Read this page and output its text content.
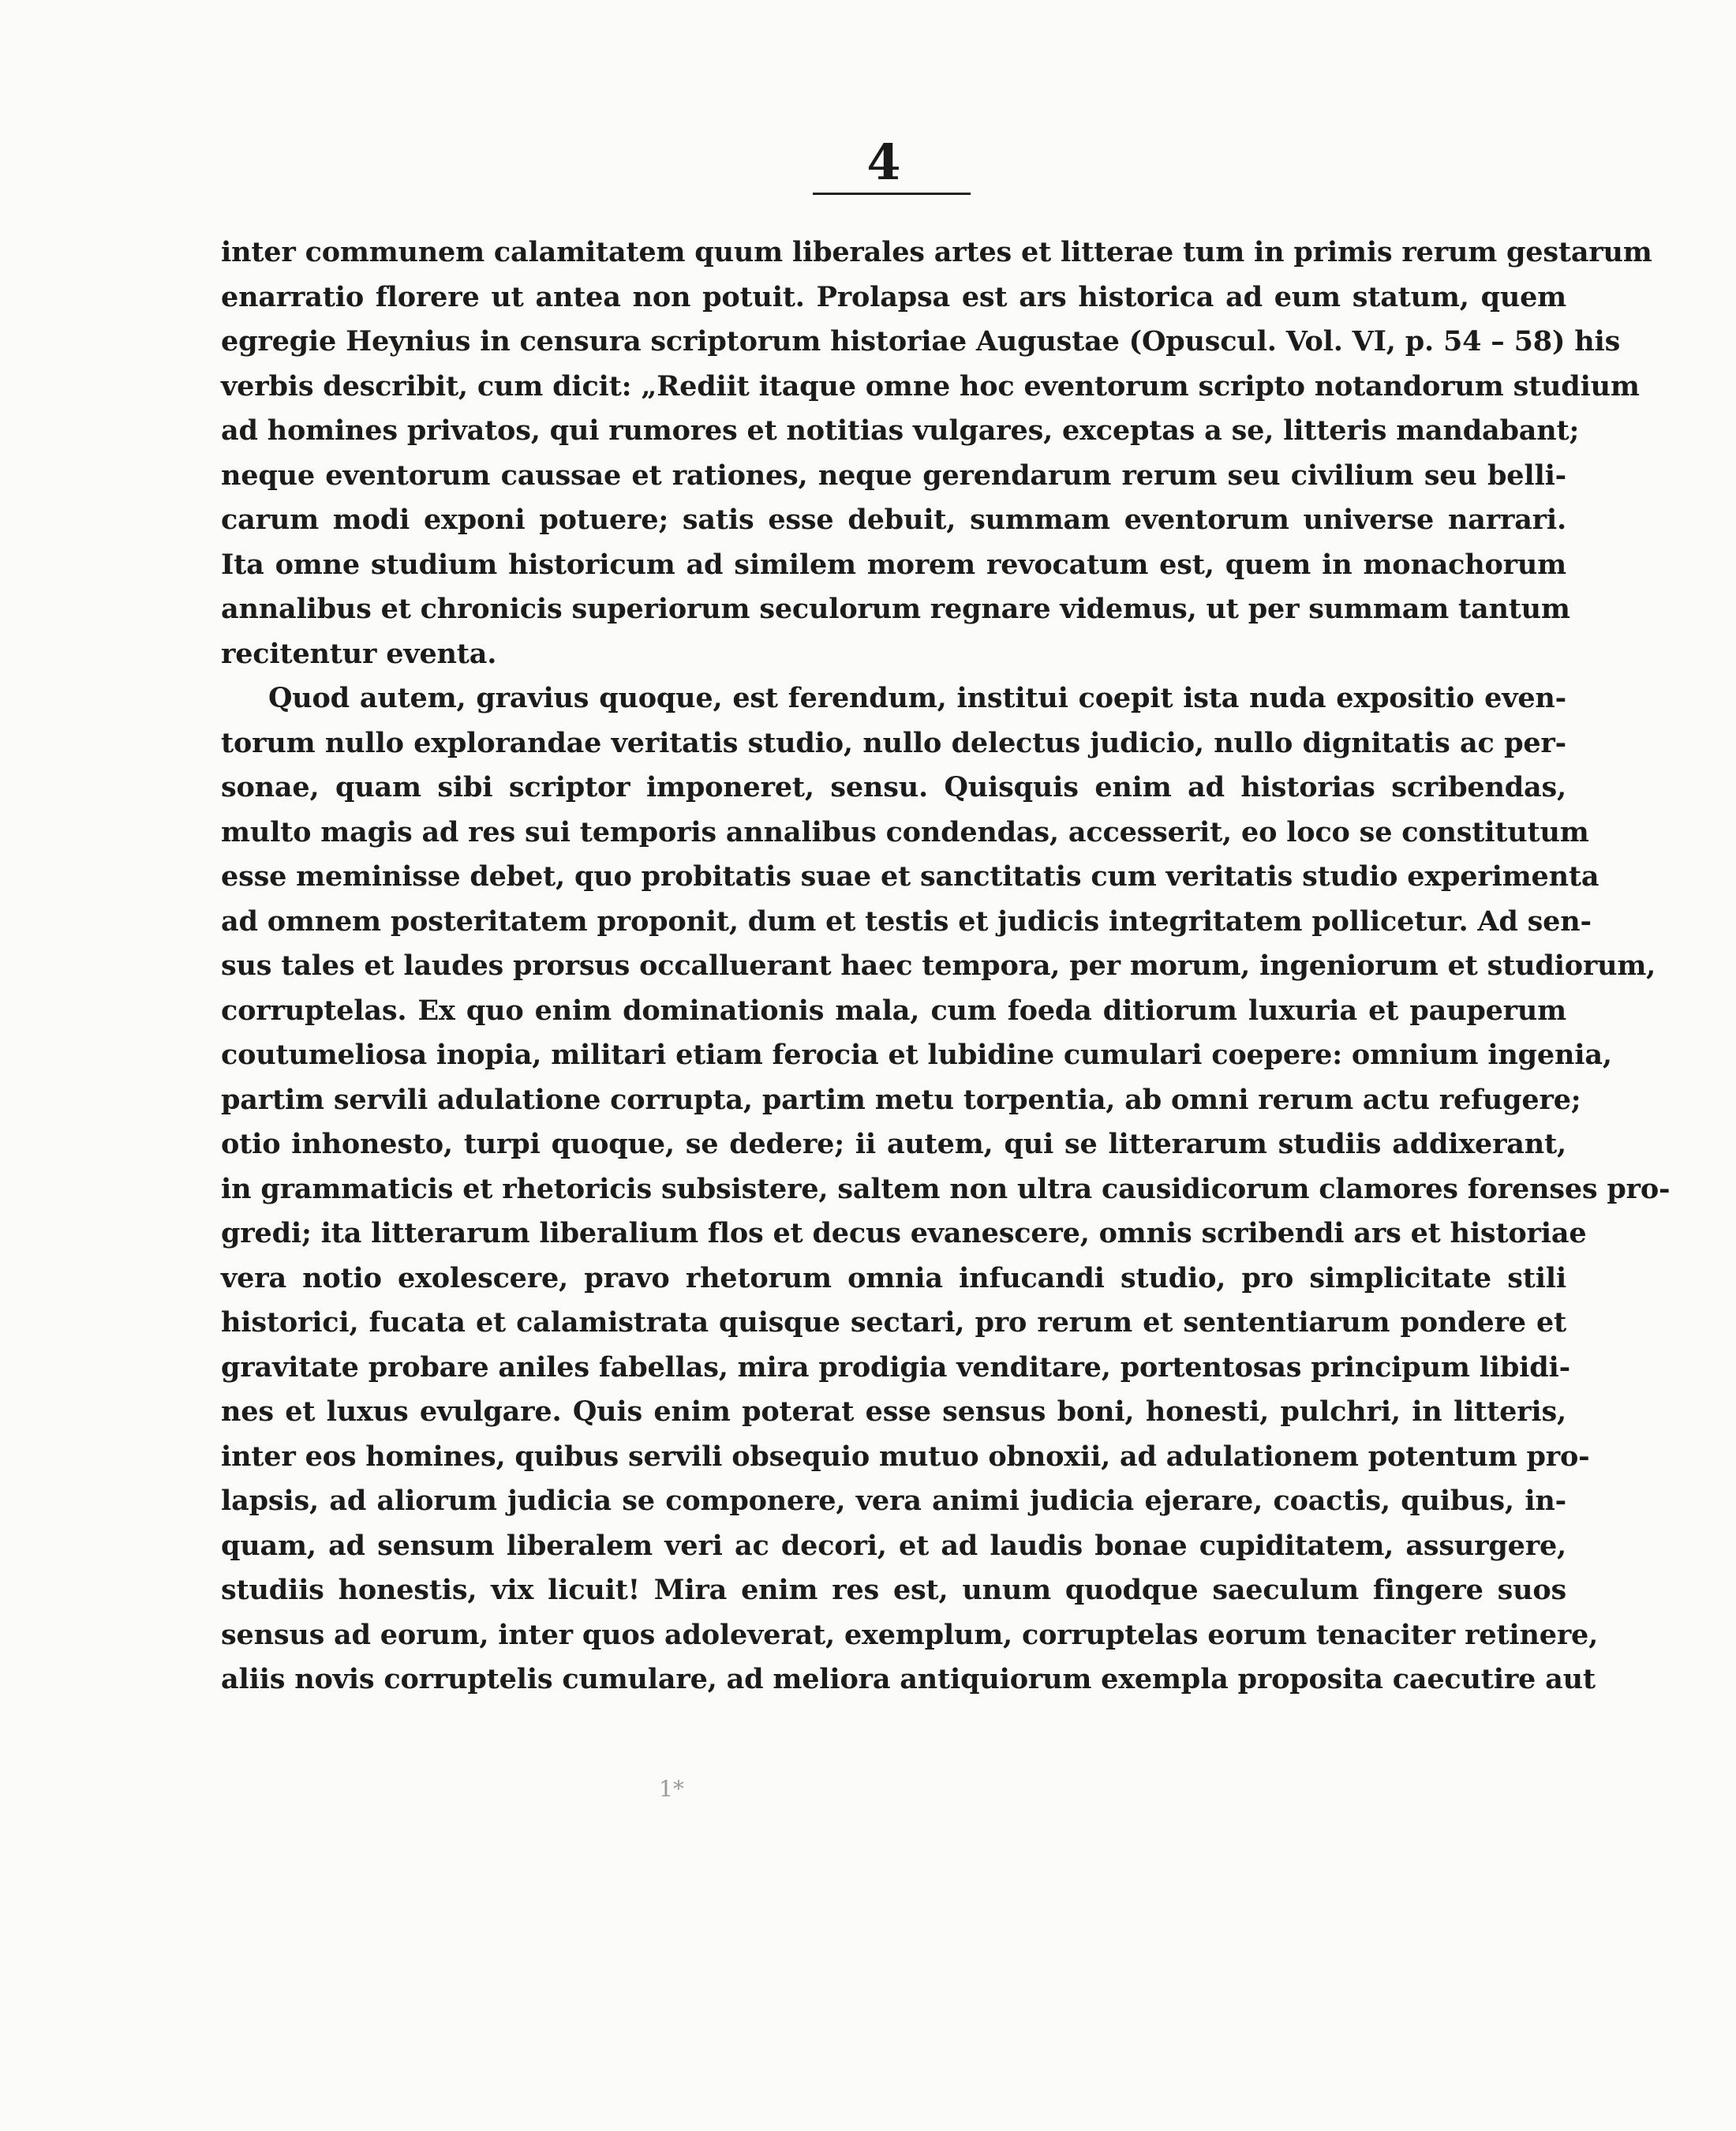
4
inter communem calamitatem quum liberales artes et litterae tum in primis rerum gestarum
enarratio florere ut antea non potuit. Prolapsa est ars historica ad eum statum, quem
egregie Heynius in censura scriptorum historiae Augustae (Opuscul. Vol. VI, p. 54 – 58) his
verbis describit, cum dicit: „Rediit itaque omne hoc eventorum scripto notandorum studium
ad homines privatos, qui rumores et notitias vulgares, exceptas a se, litteris mandabant;
neque eventorum caussae et rationes, neque gerendarum rerum seu civilium seu belli-
carum modi exponi potuere; satis esse debuit, summam eventorum universe narrari.
Ita omne studium historicum ad similem morem revocatum est, quem in monachorum
annalibus et chronicis superiorum seculorum regnare videmus, ut per summam tantum
recitentur eventa.
Quod autem, gravius quoque, est ferendum, institui coepit ista nuda expositio even-
torum nullo explorandae veritatis studio, nullo delectus judicio, nullo dignitatis ac per-
sonae, quam sibi scriptor imponeret, sensu. Quisquis enim ad historias scribendas,
multo magis ad res sui temporis annalibus condendas, accesserit, eo loco se constitutum
esse meminisse debet, quo probitatis suae et sanctitatis cum veritatis studio experimenta
ad omnem posteritatem proponit, dum et testis et judicis integritatem pollicetur. Ad sen-
sus tales et laudes prorsus occalluerant haec tempora, per morum, ingeniorum et studiorum,
corruptelas. Ex quo enim dominationis mala, cum foeda ditiorum luxuria et pauperum
coutumeliosa inopia, militari etiam ferocia et lubidine cumulari coepere: omnium ingenia,
partim servili adulatione corrupta, partim metu torpentia, ab omni rerum actu refugere;
otio inhonesto, turpi quoque, se dedere; ii autem, qui se litterarum studiis addixerant,
in grammaticis et rhetoricis subsistere, saltem non ultra causidicorum clamores forenses pro-
gredi; ita litterarum liberalium flos et decus evanescere, omnis scribendi ars et historiae
vera notio exolescere, pravo rhetorum omnia infucandi studio, pro simplicitate stili
historici, fucata et calamistrata quisque sectari, pro rerum et sententiarum pondere et
gravitate probare aniles fabellas, mira prodigia venditare, portentosas principum libidi-
nes et luxus evulgare. Quis enim poterat esse sensus boni, honesti, pulchri, in litteris,
inter eos homines, quibus servili obsequio mutuo obnoxii, ad adulationem potentum pro-
lapsis, ad aliorum judicia se componere, vera animi judicia ejerare, coactis, quibus, in-
quam, ad sensum liberalem veri ac decori, et ad laudis bonae cupiditatem, assurgere,
studiis honestis, vix licuit! Mira enim res est, unum quodque saeculum fingere suos
sensus ad eorum, inter quos adoleverat, exemplum, corruptelas eorum tenaciter retinere,
aliis novis corruptelis cumulare, ad meliora antiquiorum exempla proposita caecutire aut
1*
